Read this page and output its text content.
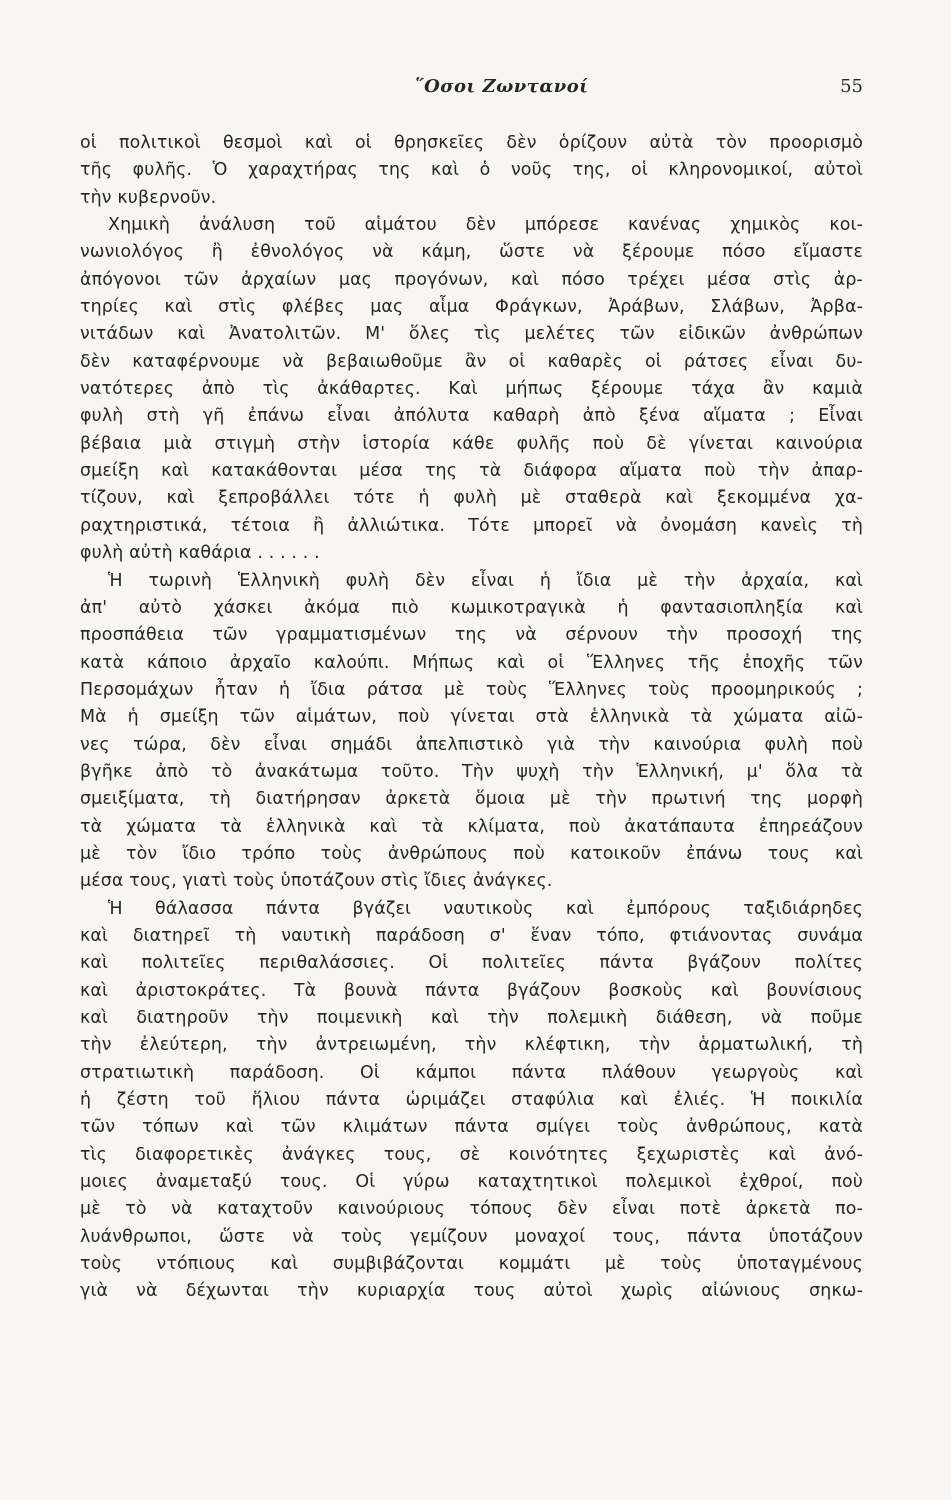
῞Οσοι Ζωντανοί	55
οἱ πολιτικοὶ θεσμοὶ καὶ οἱ θρησκεῖες δὲν ὁρίζουν αὐτὰ τὸν προορισμὸ
τῆς φυλῆς. Ὁ χαραχτήρας της καὶ ὁ νοῦς της, οἱ κληρονομικοί, αὐτοὶ
τὴν κυβερνοῦν.
Χημικὴ ἀνάλυση τοῦ αἱμάτου δὲν μπόρεσε κανένας χημικὸς κοι-
νωνιολόγος ἢ ἐθνολόγος νὰ κάμη, ὥστε νὰ ξέρουμε πόσο εἴμαστε
ἀπόγονοι τῶν ἀρχαίων μας προγόνων, καὶ πόσο τρέχει μέσα στὶς ἀρ-
τηρίες καὶ στὶς φλέβες μας αἷμα Φράγκων, Ἀράβων, Σλάβων, Ἀρβα-
νιτάδων καὶ Ἀνατολιτῶν. Μ' ὅλες τὶς μελέτες τῶν εἰδικῶν ἀνθρώπων
δὲν καταφέρνουμε νὰ βεβαιωθοῦμε ἂν οἱ καθαρὲς οἱ ράτσες εἶναι δυ-
νατότερες ἀπὸ τὶς ἀκάθαρτες. Καὶ μήπως ξέρουμε τάχα ἂν καμιὰ
φυλὴ στὴ γῆ ἐπάνω εἶναι ἀπόλυτα καθαρὴ ἀπὸ ξένα αἵματα ; Εἶναι
βέβαια μιὰ στιγμὴ στὴν ἱστορία κάθε φυλῆς ποὺ δὲ γίνεται καινούρια
σμείξη καὶ κατακάθονται μέσα της τὰ διάφορα αἵματα ποὺ τὴν ἀπαρ-
τίζουν, καὶ ξεπροβάλλει τότε ἡ φυλὴ μὲ σταθερὰ καὶ ξεκομμένα χα-
ραχτηριστικά, τέτοια ἢ ἀλλιώτικα. Τότε μπορεῖ νὰ ὀνομάση κανεὶς τὴ
φυλὴ αὐτὴ καθάρια . . . . . .
Ἡ τωρινὴ Ἑλληνικὴ φυλὴ δὲν εἶναι ἡ ἴδια μὲ τὴν ἀρχαία, καὶ
ἀπ' αὐτὸ χάσκει ἀκόμα πιὸ κωμικοτραγικὰ ἡ φαντασιοπληξία καὶ
προσπάθεια τῶν γραμματισμένων της νὰ σέρνουν τὴν προσοχή της
κατὰ κάποιο ἀρχαῖο καλούπι. Μήπως καὶ οἱ Ἕλληνες τῆς ἐποχῆς τῶν
Περσομάχων ἦταν ἡ ἴδια ράτσα μὲ τοὺς Ἕλληνες τοὺς προομηρικούς ;
Μὰ ἡ σμείξη τῶν αἱμάτων, ποὺ γίνεται στὰ ἑλληνικὰ τὰ χώματα αἰῶ-
νες τώρα, δὲν εἶναι σημάδι ἀπελπιστικὸ γιὰ τὴν καινούρια φυλὴ ποὺ
βγῆκε ἀπὸ τὸ ἀνακάτωμα τοῦτο. Τὴν ψυχὴ τὴν Ἑλληνική, μ' ὅλα τὰ
σμειξίματα, τὴ διατήρησαν ἀρκετὰ ὅμοια μὲ τὴν πρωτινή της μορφὴ
τὰ χώματα τὰ ἑλληνικὰ καὶ τὰ κλίματα, ποὺ ἀκατάπαυτα ἐπηρεάζουν
μὲ τὸν ἴδιο τρόπο τοὺς ἀνθρώπους ποὺ κατοικοῦν ἐπάνω τους καὶ
μέσα τους, γιατὶ τοὺς ὑποτάζουν στὶς ἴδιες ἀνάγκες.
Ἡ θάλασσα πάντα βγάζει ναυτικοὺς καὶ ἐμπόρους ταξιδιάρηδες
καὶ διατηρεῖ τὴ ναυτικὴ παράδοση σ' ἕναν τόπο, φτιάνοντας συνάμα
καὶ πολιτεῖες περιθαλάσσιες. Οἱ πολιτεῖες πάντα βγάζουν πολίτες
καὶ ἀριστοκράτες. Τὰ βουνὰ πάντα βγάζουν βοσκοὺς καὶ βουνίσιους
καὶ διατηροῦν τὴν ποιμενικὴ καὶ τὴν πολεμικὴ διάθεση, νὰ ποῦμε
τὴν ἐλεύτερη, τὴν ἀντρειωμένη, τὴν κλέφτικη, τὴν ἁρματωλική, τὴ
στρατιωτικὴ παράδοση. Οἱ κάμποι πάντα πλάθουν γεωργοὺς καὶ
ἡ ζέστη τοῦ ἥλιου πάντα ὡριμάζει σταφύλια καὶ ἐλιές. Ἡ ποικιλία
τῶν τόπων καὶ τῶν κλιμάτων πάντα σμίγει τοὺς ἀνθρώπους, κατὰ
τὶς διαφορετικὲς ἀνάγκες τους, σὲ κοινότητες ξεχωριστὲς καὶ ἀνό-
μοιες ἀναμεταξύ τους. Οἱ γύρω καταχτητικοὶ πολεμικοὶ ἐχθροί, ποὺ
μὲ τὸ νὰ καταχτοῦν καινούριους τόπους δὲν εἶναι ποτὲ ἀρκετὰ πο-
λυάνθρωποι, ὥστε νὰ τοὺς γεμίζουν μοναχοί τους, πάντα ὑποτάζουν
τοὺς ντόπιους καὶ συμβιβάζονται κομμάτι μὲ τοὺς ὑποταγμένους
γιὰ νὰ δέχωνται τὴν κυριαρχία τους αὐτοὶ χωρὶς αἰώνιους σηκω-
